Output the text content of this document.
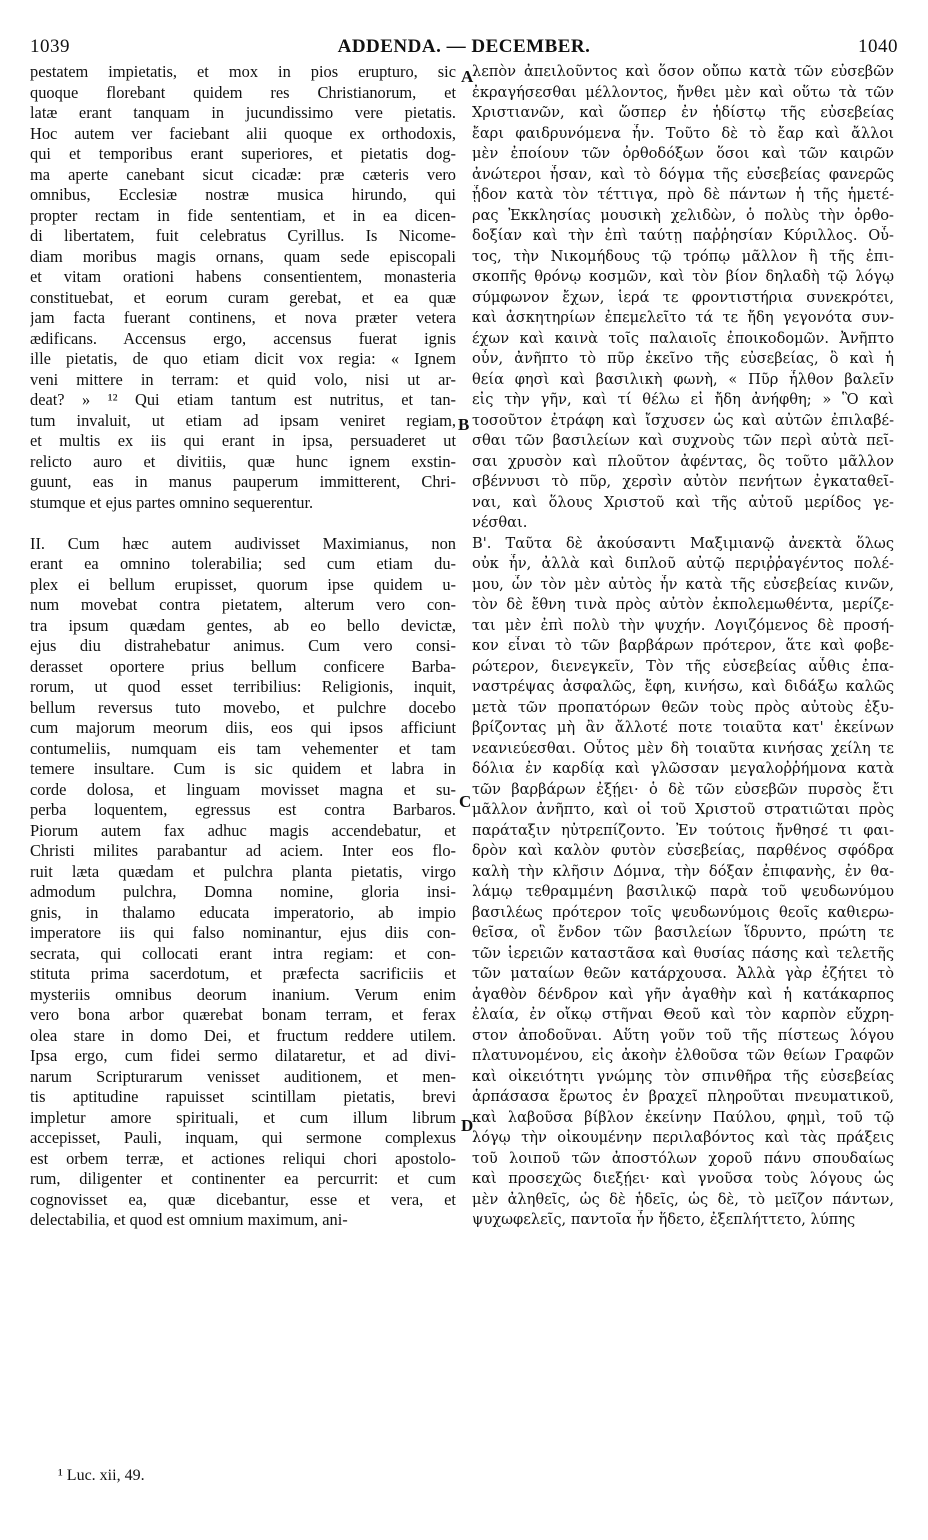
1039	ADDENDA. — DECEMBER.	1040
pestatem impietatis, et mox in pios erupturo, sic
quoque florebant quidem res Christianorum, et
latæ erant tanquam in jucundissimo vere pietatis.
Hoc autem ver faciebant alii quoque ex orthodoxis,
qui et temporibus erant superiores, et pietatis dog-
ma aperte canebant sicut cicadæ: præ cæteris vero
omnibus, Ecclesiæ nostræ musica hirundo, qui
propter rectam in fide sententiam, et in ea dicen-
di libertatem, fuit celebratus Cyrillus. Is Nicome-
diam moribus magis ornans, quam sede episcopali
et vitam orationi habens consentientem, monasteria
constituebat, et eorum curam gerebat, et ea quæ
jam facta fuerant continens, et nova præter vetera
ædificans. Accensus ergo, accensus fuerat ignis
ille pietatis, de quo etiam dicit vox regia: « Ignem
veni mittere in terram: et quid volo, nisi ut ar-
deat? » ¹² Qui etiam tantum est nutritus, et tan-
tum invaluit, ut etiam ad ipsam veniret regiam,
et multis ex iis qui erant in ipsa, persuaderet ut
relicto auro et divitiis, quæ hunc ignem exstin-
guunt, eas in manus pauperum immitterent, Chri-
stumque et ejus partes omnino sequerentur.
II. Cum hæc autem audivisset Maximianus, non
erant ea omnino tolerabilia; sed cum etiam du-
plex ei bellum erupisset, quorum ipse quidem u-
num movebat contra pietatem, alterum vero con-
tra ipsum quædam gentes, ab eo bello devictæ,
ejus diu distrahebatur animus. Cum vero consi-
derasset oportere prius bellum conficere Barba-
rorum, ut quod esset terribilius: Religionis, inquit,
bellum reversus tuto movebo, et pulchre docebo
cum majorum meorum diis, eos qui ipsos afficiunt
contumeliis, numquam eis tam vehementer et tam
temere insultare. Cum is sic quidem et labra in
corde dolosa, et linguam movisset magna et su-
perba loquentem, egressus est contra Barbaros.
Piorum autem fax adhuc magis accendebatur, et
Christi milites parabantur ad aciem. Inter eos flo-
ruit læta quædam et pulchra planta pietatis, virgo
admodum pulchra, Domna nomine, gloria insi-
gnis, in thalamo educata imperatorio, ab impio
imperatore iis qui falso nominantur, ejus diis con-
secrata, qui collocati erant intra regiam: et con-
stituta prima sacerdotum, et præfecta sacrificiis et
mysteriis omnibus deorum inanium. Verum enim
vero bona arbor quærebat bonam terram, et ferax
olea stare in domo Dei, et fructum reddere utilem.
Ipsa ergo, cum fidei sermo dilataretur, et ad divi-
narum Scripturarum venisset auditionem, et men-
tis aptitudine rapuisset scintillam pietatis, brevi
impletur amore spirituali, et cum illum librum
accepisset, Pauli, inquam, qui sermone complexus
est orbem terræ, et actiones reliqui chori apostolo-
rum, diligenter et continenter ea percurrit: et cum
cognovisset ea, quæ dicebantur, esse et vera, et
delectabilia, et quod est omnium maximum, ani-
λεπὸν ἀπειλοῦντος καὶ ὅσον οὔπω κατὰ τῶν εὐσεβῶν
ἐκραγήσεσθαι μέλλοντος, ἤνθει μὲν καὶ οὕτω τὰ τῶν
Χριστιανῶν, καὶ ὥσπερ ἐν ἡδίστῳ τῆς εὐσεβείας
ἔαρι φαιδρυνόμενα ἦν. Τοῦτο δὲ τὸ ἔαρ καὶ ἄλλοι
μὲν ἐποίουν τῶν ὀρθοδόξων ὅσοι καὶ τῶν καιρῶν
ἀνώτεροι ἦσαν, καὶ τὸ δόγμα τῆς εὐσεβείας φανερῶς
ᾖδον κατὰ τὸν τέττιγα, πρὸ δὲ πάντων ἡ τῆς ἡμετέ-
ρας Ἐκκλησίας μουσικὴ χελιδὼν, ὁ πολὺς τὴν ὀρθο-
δοξίαν καὶ τὴν ἐπὶ ταύτῃ παῤῥησίαν Κύριλλος. Οὗ-
τος, τὴν Νικομήδους τῷ τρόπῳ μᾶλλον ἢ τῆς ἐπι-
σκοπῆς θρόνῳ κοσμῶν, καὶ τὸν βίον δηλαδὴ τῷ λόγῳ
σύμφωνον ἔχων, ἱερά τε φροντιστήρια συνεκρότει,
καὶ ἀσκητηρίων ἐπεμελεῖτο τά τε ἤδη γεγονότα συν-
έχων καὶ καινὰ τοῖς παλαιοῖς ἐποικοδομῶν. Ἀνῆπτο
οὖν, ἀνῆπτο τὸ πῦρ ἐκεῖνο τῆς εὐσεβείας, ὃ καὶ ἡ
θεία φησὶ καὶ βασιλικὴ φωνὴ, « Πῦρ ἦλθον βαλεῖν
εἰς τὴν γῆν, καὶ τί θέλω εἰ ἤδη ἀνήφθη; » Ὃ καὶ
τοσοῦτον ἐτράφη καὶ ἴσχυσεν ὡς καὶ αὐτῶν ἐπιλαβέ-
σθαι τῶν βασιλείων καὶ συχνοὺς τῶν περὶ αὐτὰ πεῖ-
σαι χρυσὸν καὶ πλοῦτον ἀφέντας, ὃς τοῦτο μᾶλλον
σβέννυσι τὸ πῦρ, χερσὶν αὐτὸν πενήτων ἐγκαταθεῖ-
ναι, καὶ ὅλους Χριστοῦ καὶ τῆς αὐτοῦ μερίδος γε-
νέσθαι.
Β'. Ταῦτα δὲ ἀκούσαντι Μαξιμιανῷ ἀνεκτὰ ὅλως
οὐκ ἦν, ἀλλὰ καὶ διπλοῦ αὐτῷ περιῤῥαγέντος πολέ-
μου, ὧν τὸν μὲν αὐτὸς ἦν κατὰ τῆς εὐσεβείας κινῶν,
τὸν δὲ ἔθνη τινὰ πρὸς αὐτὸν ἐκπολεμωθέντα, μερίζε-
ται μὲν ἐπὶ πολὺ τὴν ψυχήν. Λογιζόμενος δὲ προσή-
κον εἶναι τὸ τῶν βαρβάρων πρότερον, ἅτε καὶ φοβε-
ρώτερον, διενεγκεῖν, Τὸν τῆς εὐσεβείας αὖθις ἐπα-
ναστρέψας ἀσφαλῶς, ἔφη, κινήσω, καὶ διδάξω καλῶς
μετὰ τῶν προπατόρων θεῶν τοὺς πρὸς αὐτοὺς ἐξυ-
βρίζοντας μὴ ἂν ἄλλοτέ ποτε τοιαῦτα κατ' ἐκείνων
νεανιεύεσθαι. Οὗτος μὲν δὴ τοιαῦτα κινήσας χείλη τε
δόλια ἐν καρδίᾳ καὶ γλῶσσαν μεγαλοῤῥήμονα κατὰ
τῶν βαρβάρων ἐξῄει· ὁ δὲ τῶν εὐσεβῶν πυρσὸς ἔτι
μᾶλλον ἀνῆπτο, καὶ οἱ τοῦ Χριστοῦ στρατιῶται πρὸς
παράταξιν ηὐτρεπίζοντο. Ἐν τούτοις ἤνθησέ τι φαι-
δρὸν καὶ καλὸν φυτὸν εὐσεβείας, παρθένος σφόδρα
καλὴ τὴν κλῆσιν Δόμνα, τὴν δόξαν ἐπιφανὴς, ἐν θα-
λάμῳ τεθραμμένη βασιλικῷ παρὰ τοῦ ψευδωνύμου
βασιλέως πρότερον τοῖς ψευδωνύμοις θεοῖς καθιερω-
θεῖσα, οἳ ἔνδον τῶν βασιλείων ἵδρυντο, πρώτη τε
τῶν ἱερειῶν καταστᾶσα καὶ θυσίας πάσης καὶ τελετῆς
τῶν ματαίων θεῶν κατάρχουσα. Ἀλλὰ γὰρ ἐζήτει τὸ
ἀγαθὸν δένδρον καὶ γῆν ἀγαθὴν καὶ ἡ κατάκαρπος
ἐλαία, ἐν οἴκῳ στῆναι Θεοῦ καὶ τὸν καρπὸν εὔχρη-
στον ἀποδοῦναι. Αὕτη γοῦν τοῦ τῆς πίστεως λόγου
πλατυνομένου, εἰς ἀκοὴν ἐλθοῦσα τῶν θείων Γραφῶν
καὶ οἰκειότητι γνώμης τὸν σπινθῆρα τῆς εὐσεβείας
ἁρπάσασα ἔρωτος ἐν βραχεῖ πληροῦται πνευματικοῦ,
καὶ λαβοῦσα βίβλον ἐκείνην Παύλου, φημὶ, τοῦ τῷ
λόγῳ τὴν οἰκουμένην περιλαβόντος καὶ τὰς πράξεις
τοῦ λοιποῦ τῶν ἀποστόλων χοροῦ πάνυ σπουδαίως
καὶ προσεχῶς διεξῄει· καὶ γνοῦσα τοὺς λόγους ὡς
μὲν ἀληθεῖς, ὡς δὲ ἡδεῖς, ὡς δὲ, τὸ μεῖζον πάντων,
ψυχωφελεῖς, παντοῖα ἦν ἥδετο, ἐξεπλήττετο, λύπης
A
B
C
D
¹ Luc. xii, 49.
